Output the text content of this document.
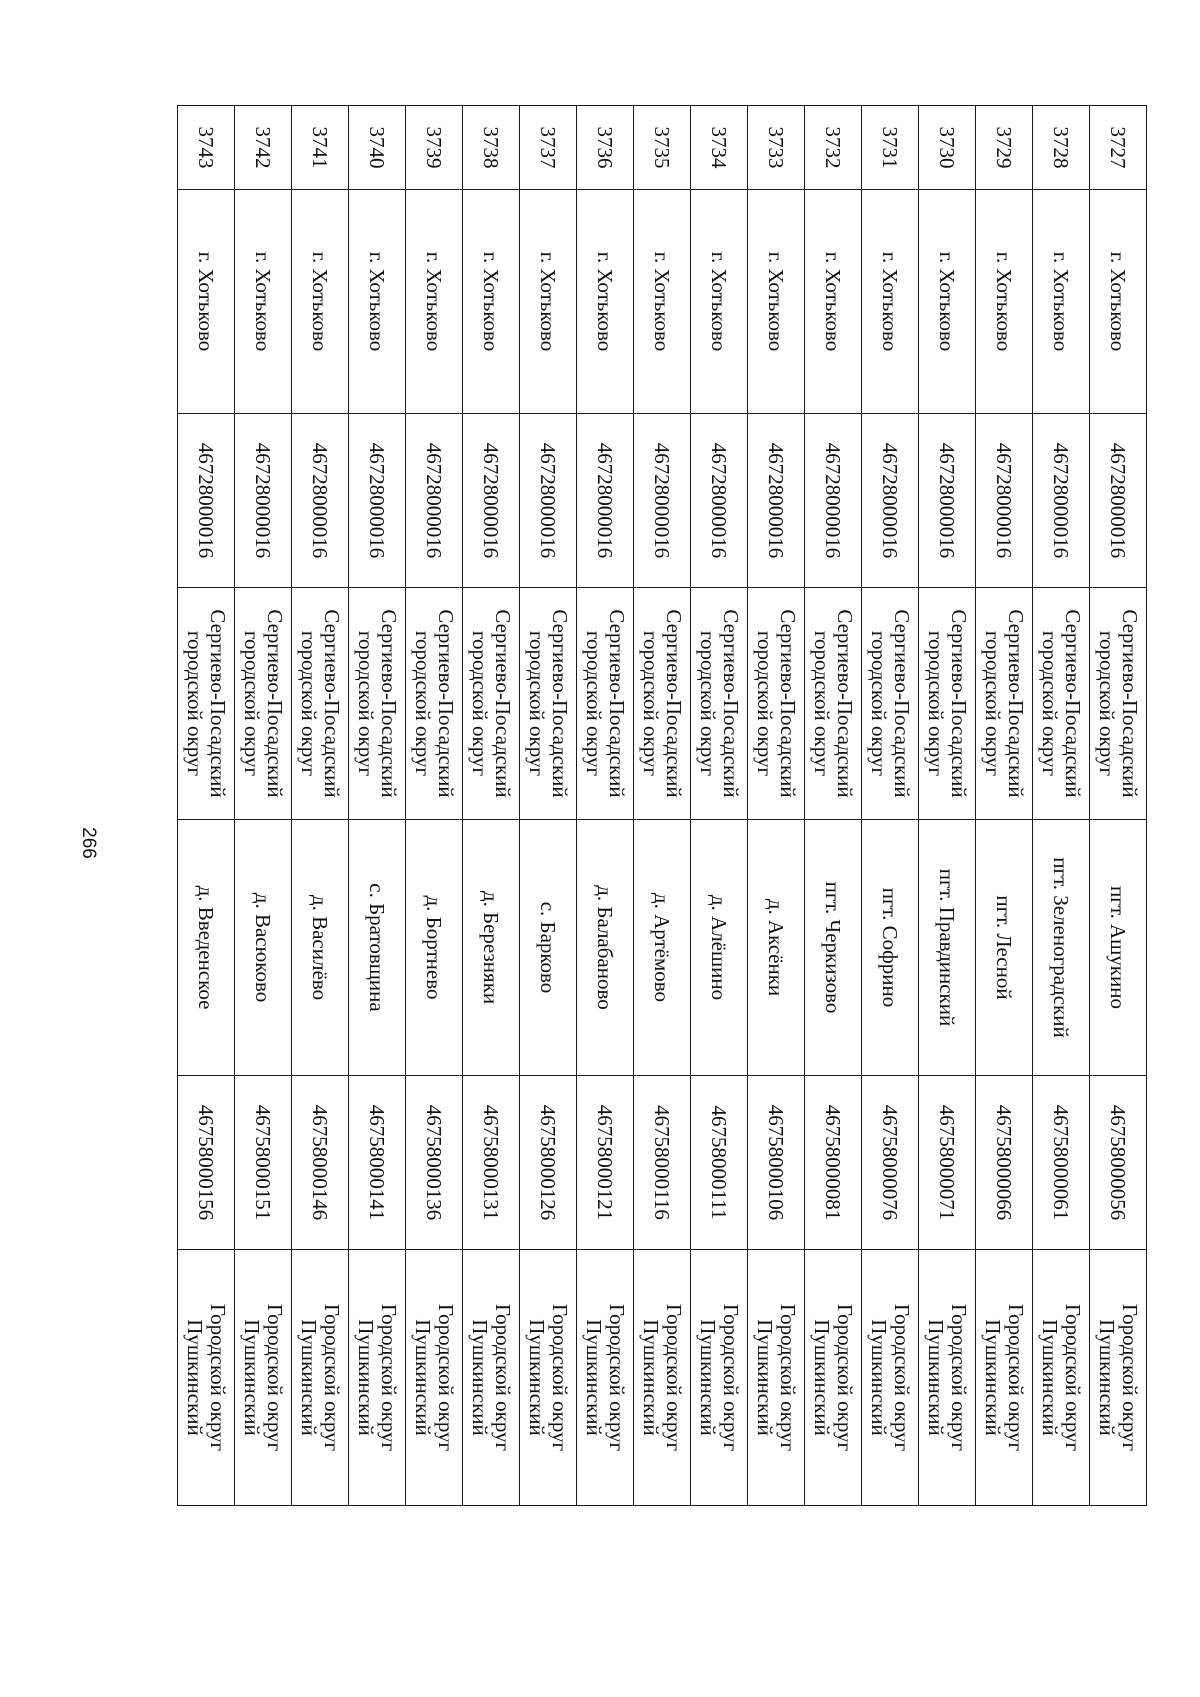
266
3727	г. Хотьково	46728000016	Сергиево-Посадский городской округ	пгт. Ашукино	46758000056	Городской округ Пушкинский
3728	г. Хотьково	46728000016	Сергиево-Посадский городской округ	пгт. Зеленоградский	46758000061	Городской округ Пушкинский
3729	г. Хотьково	46728000016	Сергиево-Посадский городской округ	пгт. Лесной	46758000066	Городской округ Пушкинский
3730	г. Хотьково	46728000016	Сергиево-Посадский городской округ	пгт. Правдинский	46758000071	Городской округ Пушкинский
3731	г. Хотьково	46728000016	Сергиево-Посадский городской округ	пгт. Софрино	46758000076	Городской округ Пушкинский
3732	г. Хотьково	46728000016	Сергиево-Посадский городской округ	пгт. Черкизово	46758000081	Городской округ Пушкинский
3733	г. Хотьково	46728000016	Сергиево-Посадский городской округ	д. Аксёнки	46758000106	Городской округ Пушкинский
3734	г. Хотьково	46728000016	Сергиево-Посадский городской округ	д. Алёшино	46758000111	Городской округ Пушкинский
3735	г. Хотьково	46728000016	Сергиево-Посадский городской округ	д. Артёмово	46758000116	Городской округ Пушкинский
3736	г. Хотьково	46728000016	Сергиево-Посадский городской округ	д. Балабаново	46758000121	Городской округ Пушкинский
3737	г. Хотьково	46728000016	Сергиево-Посадский городской округ	с. Барково	46758000126	Городской округ Пушкинский
3738	г. Хотьково	46728000016	Сергиево-Посадский городской округ	д. Березняки	46758000131	Городской округ Пушкинский
3739	г. Хотьково	46728000016	Сергиево-Посадский городской округ	д. Бортнево	46758000136	Городской округ Пушкинский
3740	г. Хотьково	46728000016	Сергиево-Посадский городской округ	с. Братовщина	46758000141	Городской округ Пушкинский
3741	г. Хотьково	46728000016	Сергиево-Посадский городской округ	д. Василёво	46758000146	Городской округ Пушкинский
3742	г. Хотьково	46728000016	Сергиево-Посадский городской округ	д. Васюково	46758000151	Городской округ Пушкинский
3743	г. Хотьково	46728000016	Сергиево-Посадский городской округ	д. Введенское	46758000156	Городской округ Пушкинский
